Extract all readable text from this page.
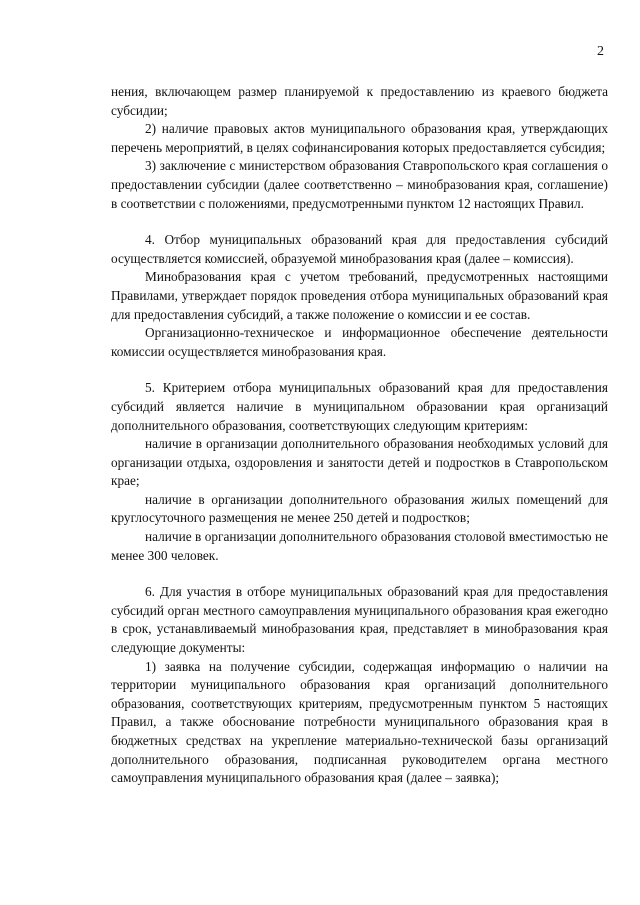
2

нения, включающем размер планируемой к предоставлению из краевого бюджета субсидии;

2) наличие правовых актов муниципального образования края, утверждающих перечень мероприятий, в целях софинансирования которых предоставляется субсидия;

3) заключение с министерством образования Ставропольского края соглашения о предоставлении субсидии (далее соответственно – минобразования края, соглашение) в соответствии с положениями, предусмотренными пунктом 12 настоящих Правил.

4. Отбор муниципальных образований края для предоставления субсидий осуществляется комиссией, образуемой минобразования края (далее – комиссия).

Минобразования края с учетом требований, предусмотренных настоящими Правилами, утверждает порядок проведения отбора муниципальных образований края для предоставления субсидий, а также положение о комиссии и ее состав.

Организационно-техническое и информационное обеспечение деятельности комиссии осуществляется минобразования края.

5. Критерием отбора муниципальных образований края для предоставления субсидий является наличие в муниципальном образовании края организаций дополнительного образования, соответствующих следующим критериям:

наличие в организации дополнительного образования необходимых условий для организации отдыха, оздоровления и занятости детей и подростков в Ставропольском крае;

наличие в организации дополнительного образования жилых помещений для круглосуточного размещения не менее 250 детей и подростков;

наличие в организации дополнительного образования столовой вместимостью не менее 300 человек.

6. Для участия в отборе муниципальных образований края для предоставления субсидий орган местного самоуправления муниципального образования края ежегодно в срок, устанавливаемый минобразования края, представляет в минобразования края следующие документы:

1) заявка на получение субсидии, содержащая информацию о наличии на территории муниципального образования края организаций дополнительного образования, соответствующих критериям, предусмотренным пунктом 5 настоящих Правил, а также обоснование потребности муниципального образования края в бюджетных средствах на укрепление материально-технической базы организаций дополнительного образования, подписанная руководителем органа местного самоуправления муниципального образования края (далее – заявка);
